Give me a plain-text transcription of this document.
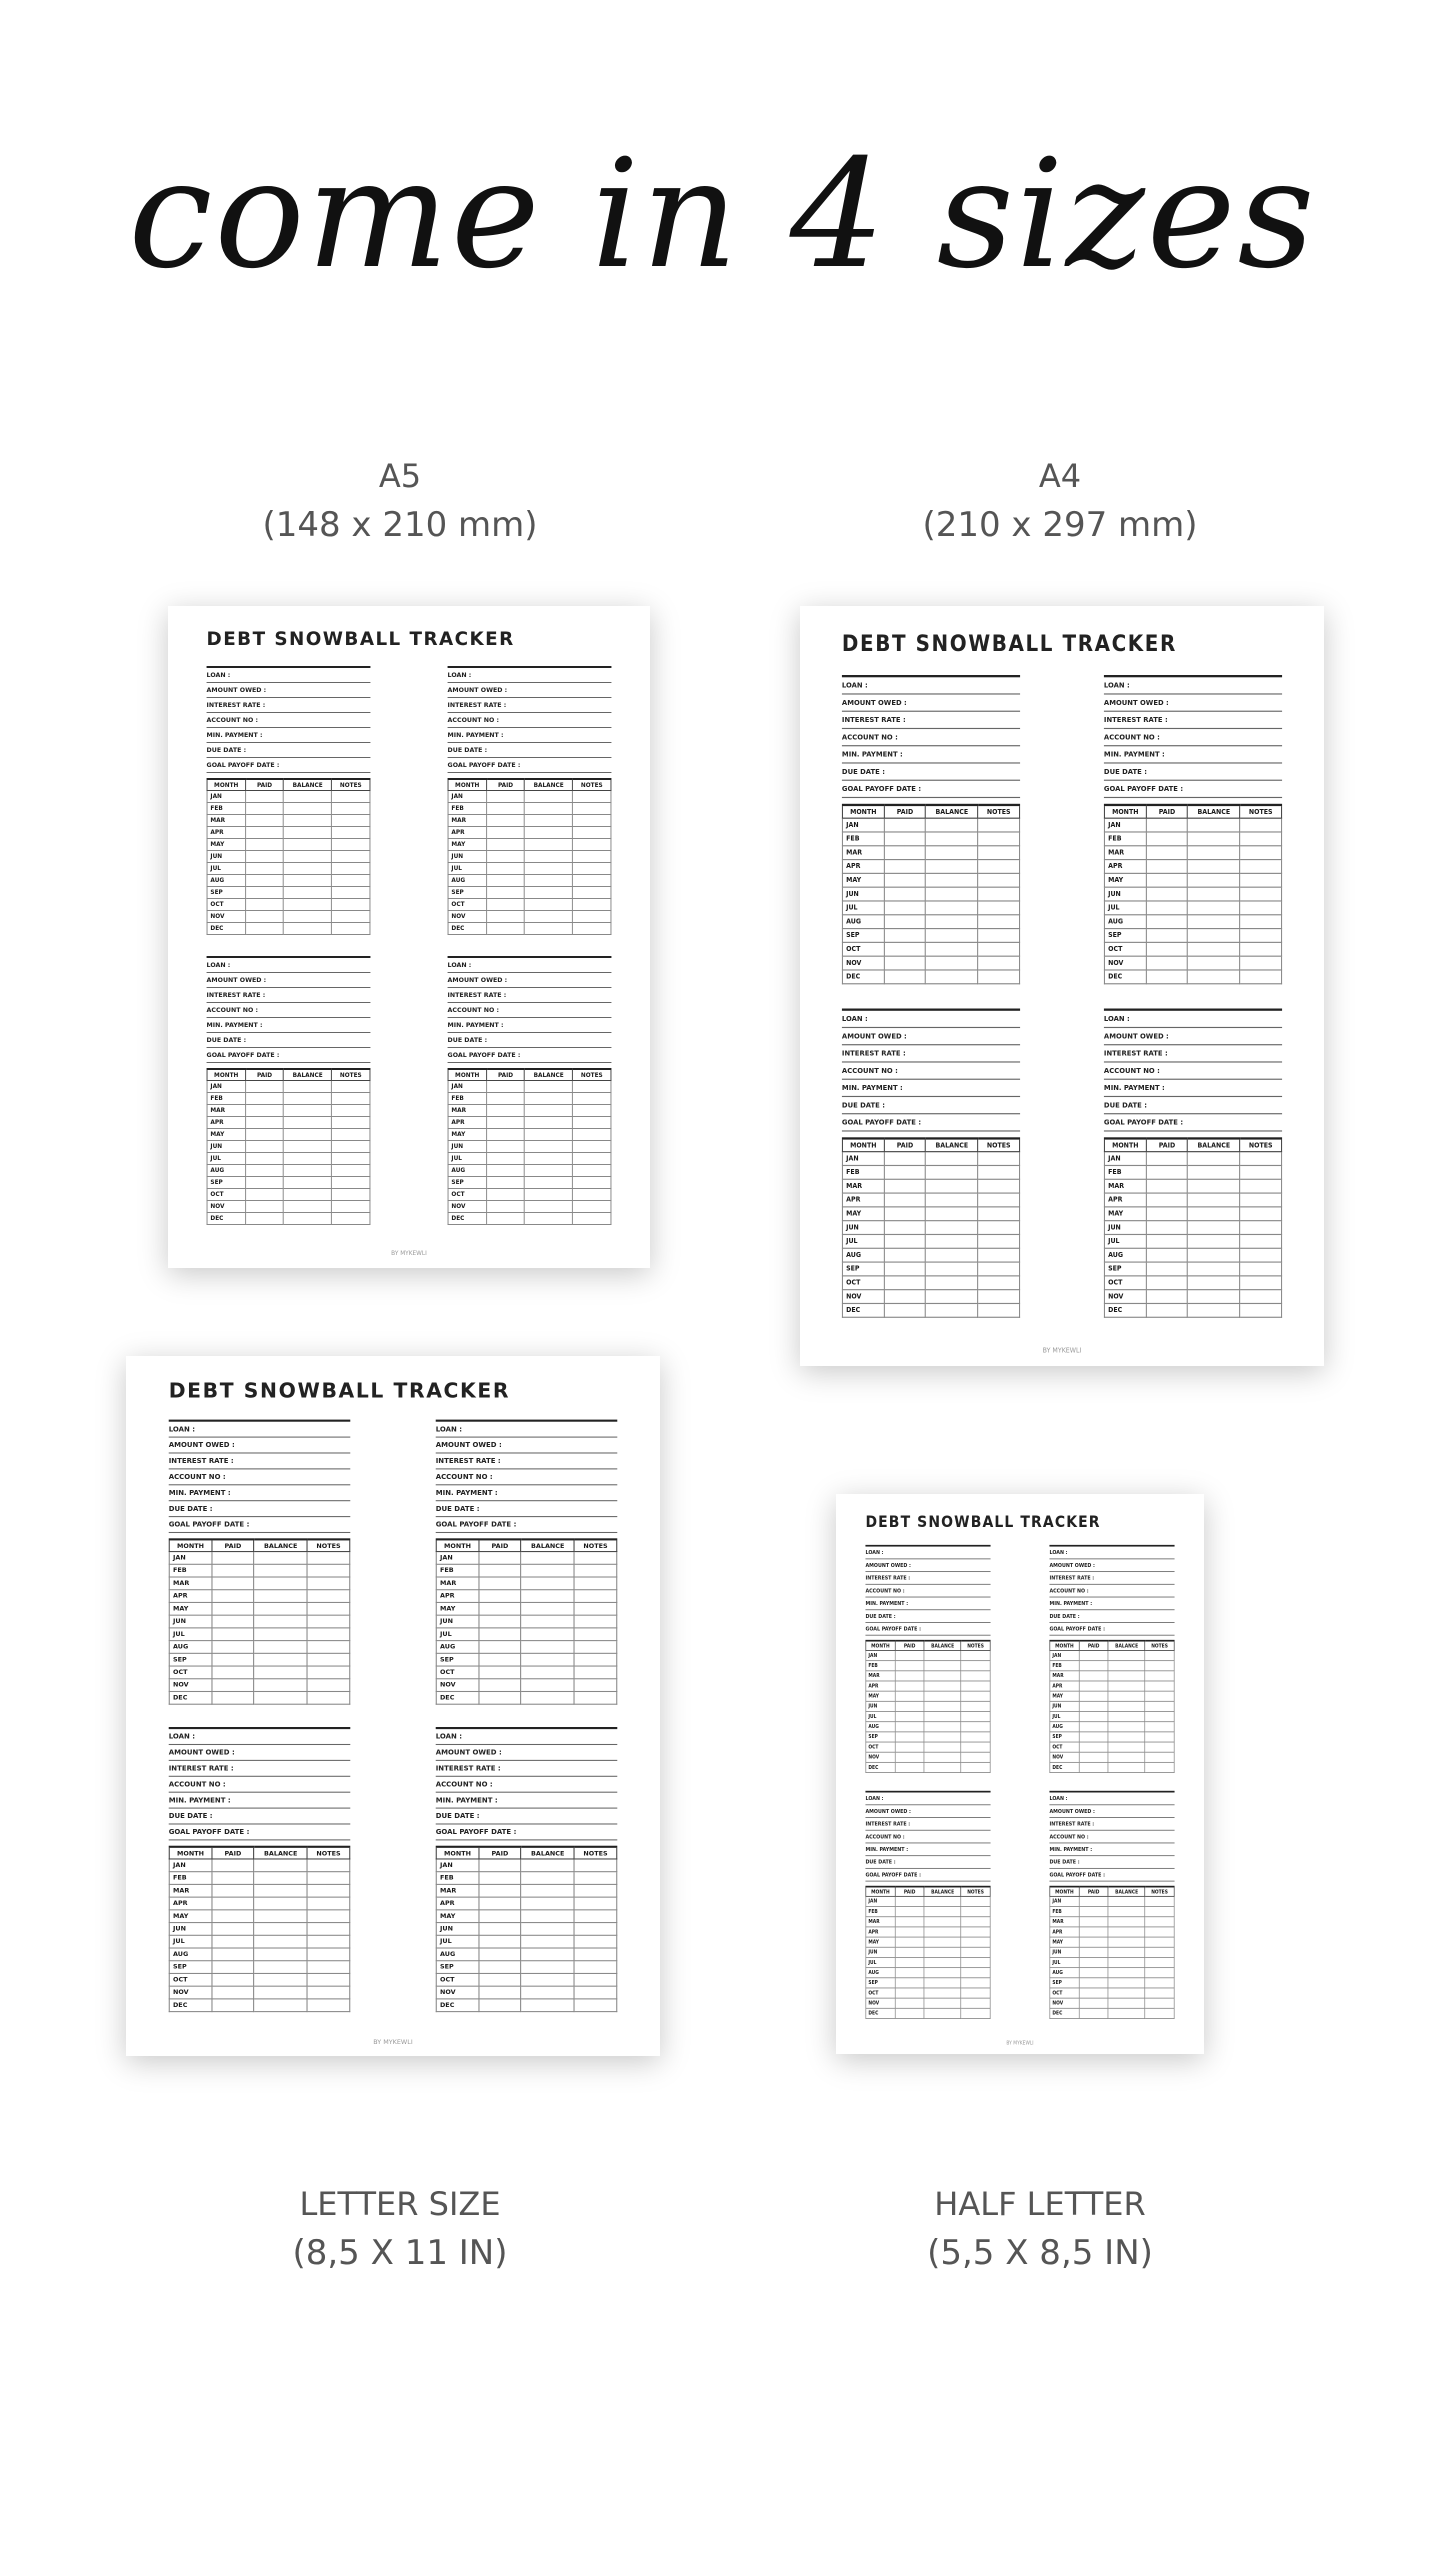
come in 4 sizes
A5
(148 x 210 mm)
A4
(210 x 297 mm)
LETTER SIZE
(8,5 X 11 IN)
HALF LETTER
(5,5 X 8,5 IN)
DEBT SNOWBALL TRACKER
LOAN :
AMOUNT OWED :
INTEREST RATE :
ACCOUNT NO :
MIN. PAYMENT :
DUE DATE :
GOAL PAYOFF DATE :
MONTH	PAID	BALANCE	NOTES
JAN			
FEB			
MAR			
APR			
MAY			
JUN			
JUL			
AUG			
SEP			
OCT			
NOV			
DEC			
LOAN :
AMOUNT OWED :
INTEREST RATE :
ACCOUNT NO :
MIN. PAYMENT :
DUE DATE :
GOAL PAYOFF DATE :
MONTH	PAID	BALANCE	NOTES
JAN			
FEB			
MAR			
APR			
MAY			
JUN			
JUL			
AUG			
SEP			
OCT			
NOV			
DEC			
LOAN :
AMOUNT OWED :
INTEREST RATE :
ACCOUNT NO :
MIN. PAYMENT :
DUE DATE :
GOAL PAYOFF DATE :
MONTH	PAID	BALANCE	NOTES
JAN			
FEB			
MAR			
APR			
MAY			
JUN			
JUL			
AUG			
SEP			
OCT			
NOV			
DEC			
LOAN :
AMOUNT OWED :
INTEREST RATE :
ACCOUNT NO :
MIN. PAYMENT :
DUE DATE :
GOAL PAYOFF DATE :
MONTH	PAID	BALANCE	NOTES
JAN			
FEB			
MAR			
APR			
MAY			
JUN			
JUL			
AUG			
SEP			
OCT			
NOV			
DEC			
BY MYKEWLI
DEBT SNOWBALL TRACKER
LOAN :
AMOUNT OWED :
INTEREST RATE :
ACCOUNT NO :
MIN. PAYMENT :
DUE DATE :
GOAL PAYOFF DATE :
MONTH	PAID	BALANCE	NOTES
JAN			
FEB			
MAR			
APR			
MAY			
JUN			
JUL			
AUG			
SEP			
OCT			
NOV			
DEC			
LOAN :
AMOUNT OWED :
INTEREST RATE :
ACCOUNT NO :
MIN. PAYMENT :
DUE DATE :
GOAL PAYOFF DATE :
MONTH	PAID	BALANCE	NOTES
JAN			
FEB			
MAR			
APR			
MAY			
JUN			
JUL			
AUG			
SEP			
OCT			
NOV			
DEC			
LOAN :
AMOUNT OWED :
INTEREST RATE :
ACCOUNT NO :
MIN. PAYMENT :
DUE DATE :
GOAL PAYOFF DATE :
MONTH	PAID	BALANCE	NOTES
JAN			
FEB			
MAR			
APR			
MAY			
JUN			
JUL			
AUG			
SEP			
OCT			
NOV			
DEC			
LOAN :
AMOUNT OWED :
INTEREST RATE :
ACCOUNT NO :
MIN. PAYMENT :
DUE DATE :
GOAL PAYOFF DATE :
MONTH	PAID	BALANCE	NOTES
JAN			
FEB			
MAR			
APR			
MAY			
JUN			
JUL			
AUG			
SEP			
OCT			
NOV			
DEC			
BY MYKEWLI
DEBT SNOWBALL TRACKER
LOAN :
AMOUNT OWED :
INTEREST RATE :
ACCOUNT NO :
MIN. PAYMENT :
DUE DATE :
GOAL PAYOFF DATE :
MONTH	PAID	BALANCE	NOTES
JAN			
FEB			
MAR			
APR			
MAY			
JUN			
JUL			
AUG			
SEP			
OCT			
NOV			
DEC			
LOAN :
AMOUNT OWED :
INTEREST RATE :
ACCOUNT NO :
MIN. PAYMENT :
DUE DATE :
GOAL PAYOFF DATE :
MONTH	PAID	BALANCE	NOTES
JAN			
FEB			
MAR			
APR			
MAY			
JUN			
JUL			
AUG			
SEP			
OCT			
NOV			
DEC			
LOAN :
AMOUNT OWED :
INTEREST RATE :
ACCOUNT NO :
MIN. PAYMENT :
DUE DATE :
GOAL PAYOFF DATE :
MONTH	PAID	BALANCE	NOTES
JAN			
FEB			
MAR			
APR			
MAY			
JUN			
JUL			
AUG			
SEP			
OCT			
NOV			
DEC			
LOAN :
AMOUNT OWED :
INTEREST RATE :
ACCOUNT NO :
MIN. PAYMENT :
DUE DATE :
GOAL PAYOFF DATE :
MONTH	PAID	BALANCE	NOTES
JAN			
FEB			
MAR			
APR			
MAY			
JUN			
JUL			
AUG			
SEP			
OCT			
NOV			
DEC			
BY MYKEWLI
DEBT SNOWBALL TRACKER
LOAN :
AMOUNT OWED :
INTEREST RATE :
ACCOUNT NO :
MIN. PAYMENT :
DUE DATE :
GOAL PAYOFF DATE :
MONTH	PAID	BALANCE	NOTES
JAN			
FEB			
MAR			
APR			
MAY			
JUN			
JUL			
AUG			
SEP			
OCT			
NOV			
DEC			
LOAN :
AMOUNT OWED :
INTEREST RATE :
ACCOUNT NO :
MIN. PAYMENT :
DUE DATE :
GOAL PAYOFF DATE :
MONTH	PAID	BALANCE	NOTES
JAN			
FEB			
MAR			
APR			
MAY			
JUN			
JUL			
AUG			
SEP			
OCT			
NOV			
DEC			
LOAN :
AMOUNT OWED :
INTEREST RATE :
ACCOUNT NO :
MIN. PAYMENT :
DUE DATE :
GOAL PAYOFF DATE :
MONTH	PAID	BALANCE	NOTES
JAN			
FEB			
MAR			
APR			
MAY			
JUN			
JUL			
AUG			
SEP			
OCT			
NOV			
DEC			
LOAN :
AMOUNT OWED :
INTEREST RATE :
ACCOUNT NO :
MIN. PAYMENT :
DUE DATE :
GOAL PAYOFF DATE :
MONTH	PAID	BALANCE	NOTES
JAN			
FEB			
MAR			
APR			
MAY			
JUN			
JUL			
AUG			
SEP			
OCT			
NOV			
DEC			
BY MYKEWLI
